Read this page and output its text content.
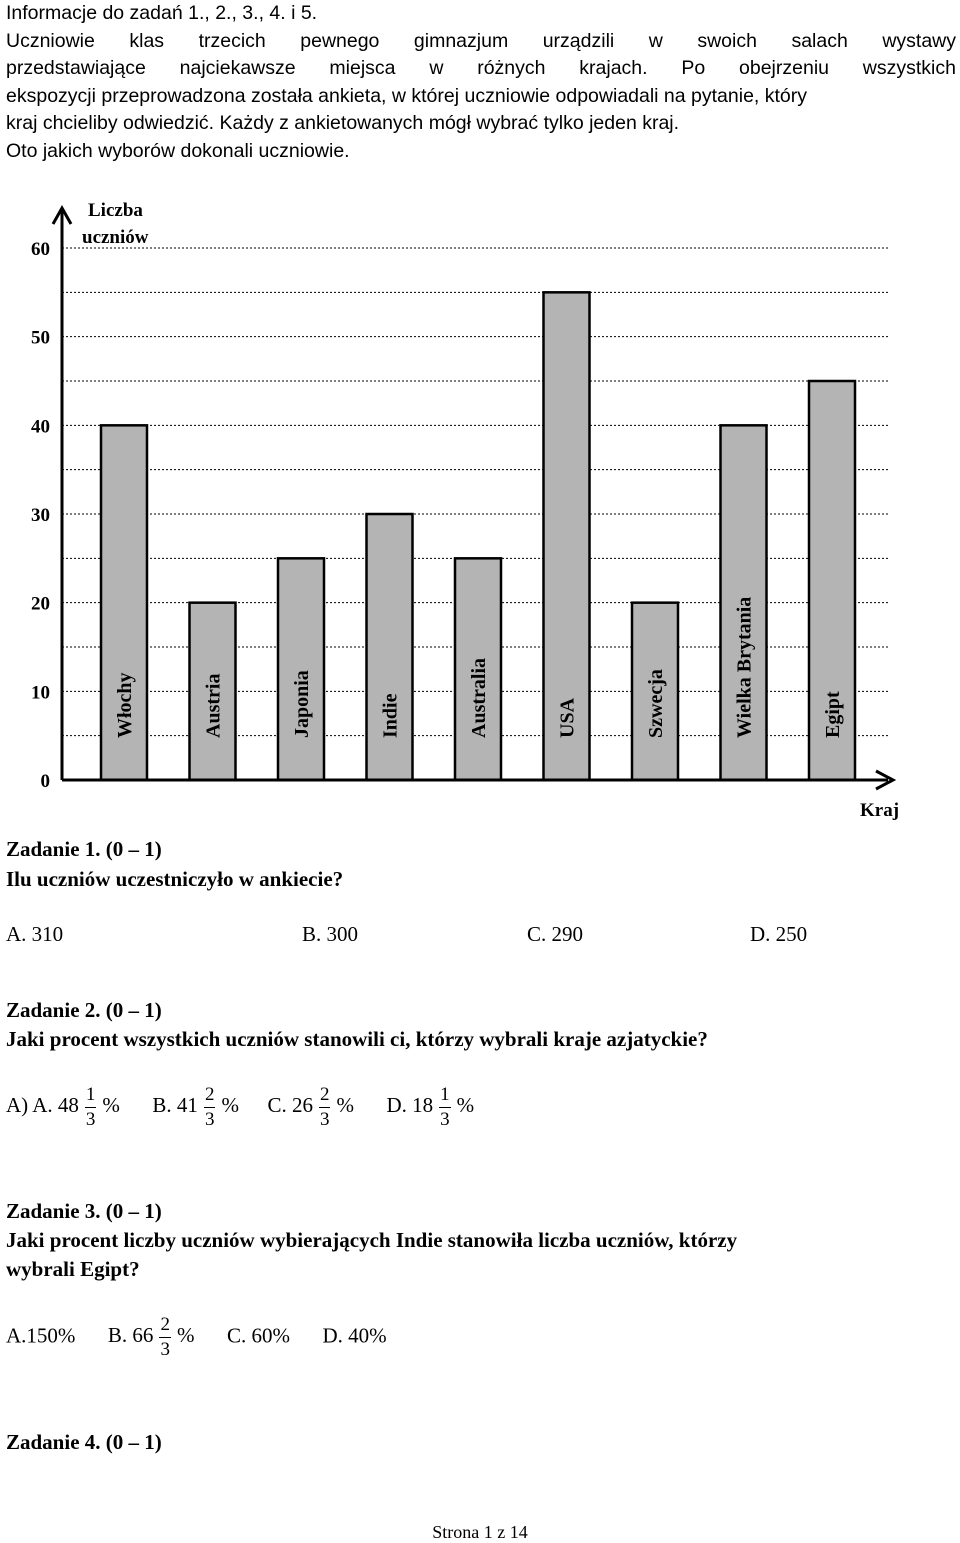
Informacje do zadań 1., 2., 3., 4. i 5.
Uczniowie klas trzecich pewnego gimnazjum urządzili w swoich salach wystawy
przedstawiające najciekawsze miejsca w różnych krajach. Po obejrzeniu wszystkich
ekspozycji przeprowadzona została ankieta, w której uczniowie odpowiadali na pytanie, który
kraj chcieliby odwiedzić. Każdy z ankietowanych mógł wybrać tylko jeden kraj.
Oto jakich wyborów dokonali uczniowie.
Włochy	Austria	Japonia	Indie	Australia	USA	Szwecja	Wielka Brytania	Egipt
0
10
20
30
40
50
60
Liczba
uczniów
Kraj
Zadanie 1. (0 – 1)
Ilu uczniów uczestniczyło w ankiecie?
A. 310	B. 300	C. 290	D. 250
Zadanie 2. (0 – 1)
Jaki procent wszystkich uczniów stanowili ci, którzy wybrali kraje azjatyckie?
A) A. $48 \frac{1}{3}$ % B. $41 \frac{2}{3}$ % C. $26 \frac{2}{3}$ % D. $18 \frac{1}{3}$ %
Zadanie 3. (0 – 1)
Jaki procent liczby uczniów wybierających Indie stanowiła liczba uczniów, którzy
wybrali Egipt?
A.150% B. $66 \frac{2}{3}$ % C. 60% D. 40%
Zadanie 4. (0 – 1)
Strona 1 z 14
